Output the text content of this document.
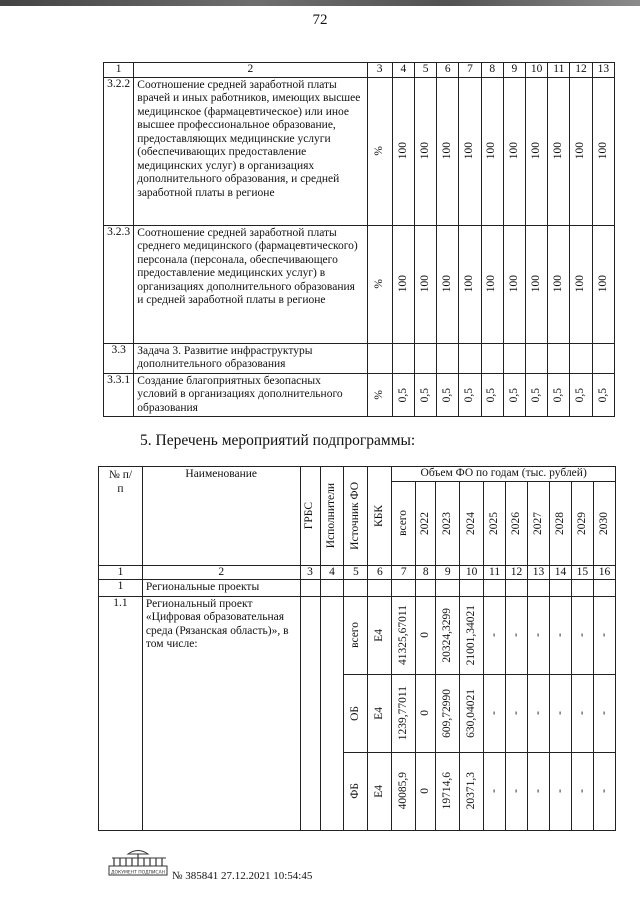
72
1	2	3	4	5	6	7	8	9	10	11	12	13
3.2.2	Соотношение средней заработной платы врачей и иных работников, имеющих высшее медицинское (фармацевтическое) или иное высшее профессиональное образование, предоставляющих медицинские услуги (обеспечивающих предоставление медицинских услуг) в организациях дополнительного образования, и средней заработной платы в регионе	%	100	100	100	100	100	100	100	100	100	100

3.2.3	Соотношение средней заработной платы среднего медицинского (фармацевтического) персонала (персонала, обеспечивающего предоставление медицинских услуг) в организациях дополнительного образования и средней заработной платы в регионе	%	100	100	100	100	100	100	100	100	100	100

3.3	Задача 3. Развитие инфраструктуры дополнительного образования											
3.3.1	Создание благоприятных безопасных условий в организациях дополнительного образования	%	0,5	0,5	0,5	0,5	0,5	0,5	0,5	0,5	0,5	0,5
5. Перечень мероприятий подпрограммы:
№ п/п	Наименование	ГРБС	Исполнители	Источник ФО	КБК	Объем ФО по годам (тыс. рублей)									

						всего	2022	2023	2024	2025	2026	2027	2028	2029	2030

1	2	3	4	5	6	7	8	9	10	11	12	13	14	15	16
1	Региональные проекты														
1.1	Региональный проект «Цифровая образовательная среда (Рязанская область)», в том числе:			всего	Е4	41325,67011	0	20324,3299	21001,34021	-	-	-	-	-	-

				ОБ	Е4	1239,77011	0	609,72990	630,04021	-	-	-	-	-	-

				ФБ	Е4	40085,9	0	19714,6	20371,3	-	-	-	-	-	-
ДОКУМЕНТ ПОДПИСАН № 385841 27.12.2021 10:54:45
